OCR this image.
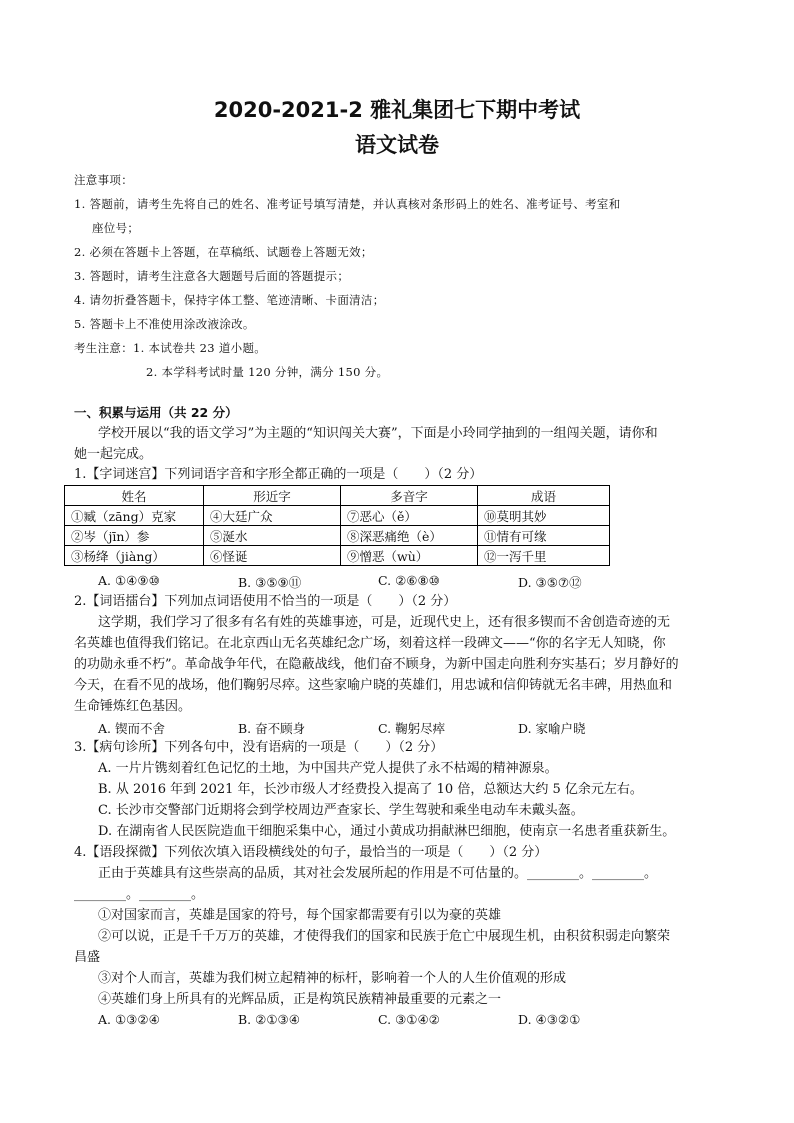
2020-2021-2 雅礼集团七下期中考试
语文试卷
注意事项：
1. 答题前，请考生先将自己的姓名、准考证号填写清楚，并认真核对条形码上的姓名、准考证号、考室和
座位号；
2. 必须在答题卡上答题，在草稿纸、试题卷上答题无效；
3. 答题时，请考生注意各大题题号后面的答题提示；
4. 请勿折叠答题卡，保持字体工整、笔迹清晰、卡面清洁；
5. 答题卡上不准使用涂改液涂改。
考生注意：1. 本试卷共 23 道小题。
2. 本学科考试时量 120 分钟，满分 150 分。
一、积累与运用（共 22 分）
学校开展以“我的语文学习”为主题的“知识闯关大赛”，下面是小玲同学抽到的一组闯关题，请你和
她一起完成。
1.【字词迷宫】下列词语字音和字形全都正确的一项是（　　）（2 分）
姓名	形近字	多音字	成语
①臧（zāng）克家	④大廷广众	⑦恶心（ě）	⑩莫明其妙
②岑（jīn）参	⑤涎水	⑧深恶痛绝（è）	⑪情有可缘
③杨绛（jiàng）	⑥怪诞	⑨憎恶（wù）	⑫一泻千里
A. ①④⑨⑩	B. ③⑤⑨⑪	C. ②⑥⑧⑩	D. ③⑤⑦⑫
2.【词语擂台】下列加点词语使用不恰当的一项是（　　）（2 分）
这学期，我们学习了很多有名有姓的英雄事迹，可是，近现代史上，还有很多锲而不舍创造奇迹的无
名英雄也值得我们铭记。在北京西山无名英雄纪念广场，刻着这样一段碑文——“你的名字无人知晓，你
的功勋永垂不朽”。革命战争年代，在隐蔽战线，他们奋不顾身，为新中国走向胜利夯实基石；岁月静好的
今天，在看不见的战场，他们鞠躬尽瘁。这些家喻户晓的英雄们，用忠诚和信仰铸就无名丰碑，用热血和
生命锤炼红色基因。
A. 锲而不舍	B. 奋不顾身	C. 鞠躬尽瘁	D. 家喻户晓
3.【病句诊所】下列各句中，没有语病的一项是（　　）（2 分）
A. 一片片镌刻着红色记忆的土地，为中国共产党人提供了永不枯竭的精神源泉。
B. 从 2016 年到 2021 年，长沙市级人才经费投入提高了 10 倍，总额达大约 5 亿余元左右。
C. 长沙市交警部门近期将会到学校周边严查家长、学生驾驶和乘坐电动车未戴头盔。
D. 在湖南省人民医院造血干细胞采集中心，通过小黄成功捐献淋巴细胞，使南京一名患者重获新生。
4.【语段探微】下列依次填入语段横线处的句子，最恰当的一项是（　　）（2 分）
正由于英雄具有这些崇高的品质，其对社会发展所起的作用是不可估量的。________。________。
________。________。
①对国家而言，英雄是国家的符号，每个国家都需要有引以为豪的英雄
②可以说，正是千千万万的英雄，才使得我们的国家和民族于危亡中展现生机，由积贫积弱走向繁荣
昌盛
③对个人而言，英雄为我们树立起精神的标杆，影响着一个人的人生价值观的形成
④英雄们身上所具有的光辉品质，正是构筑民族精神最重要的元素之一
A. ①③②④	B. ②①③④	C. ③①④②	D. ④③②①
